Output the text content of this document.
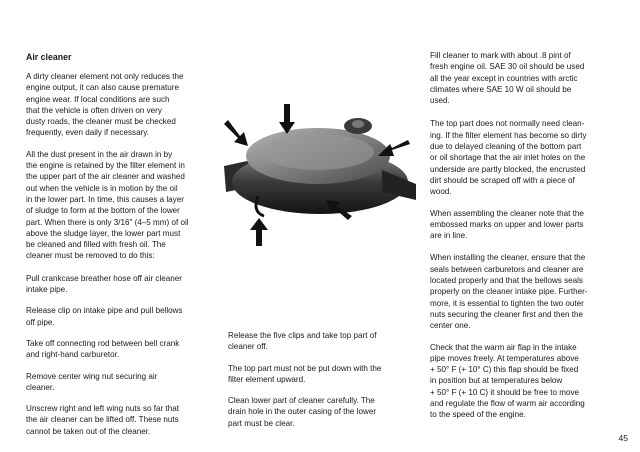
Air cleaner

A dirty cleaner element not only reduces the
engine output, it can also cause premature
engine wear. If local conditions are such
that the vehicle is often driven on very
dusty roads, the cleaner must be checked
frequently, even daily if necessary.

All the dust present in the air drawn in by
the engine is retained by the filter element in
the upper part of the air cleaner and washed
out when the vehicle is in motion by the oil
in the lower part. In time, this causes a layer
of sludge to form at the bottom of the lower
part. When there is only 3/16" (4–5 mm) of oil
above the sludge layer, the lower part must
be cleaned and filled with fresh oil. The
cleaner must be removed to do this:

Pull crankcase breather hose off air cleaner
intake pipe.

Release clip on intake pipe and pull bellows
off pipe.

Take off connecting rod between bell crank
and right-hand carburetor.

Remove center wing nut securing air
cleaner.

Unscrew right and left wing nuts so far that
the air cleaner can be lifted off. These nuts
cannot be taken out of the cleaner.

Release the five clips and take top part of
cleaner off.

The top part must not be put down with the
filter element upward.

Clean lower part of cleaner carefully. The
drain hole in the outer casing of the lower
part must be clear.

Fill cleaner to mark with about .8 pint of
fresh engine oil. SAE 30 oil should be used
all the year except in countries with arctic
climates where SAE 10 W oil should be
used.

The top part does not normally need clean-
ing. If the filter element has become so dirty
due to delayed cleaning of the bottom part
or oil shortage that the air inlet holes on the
underside are partly blocked, the encrusted
dirt should be scraped off with a piece of
wood.

When assembling the cleaner note that the
embossed marks on upper and lower parts
are in line.

When installing the cleaner, ensure that the
seals between carburetors and cleaner are
located properly and that the bellows seals
properly on the cleaner intake pipe. Further-
more, it is essential to tighten the two outer
nuts securing the cleaner first and then the
center one.

Check that the warm air flap in the intake
pipe moves freely. At temperatures above
+ 50° F (+ 10° C) this flap should be fixed
in position but at temperatures below
+ 50° F (+ 10 C) it should be free to move
and regulate the flow of warm air according
to the speed of the engine.

45
